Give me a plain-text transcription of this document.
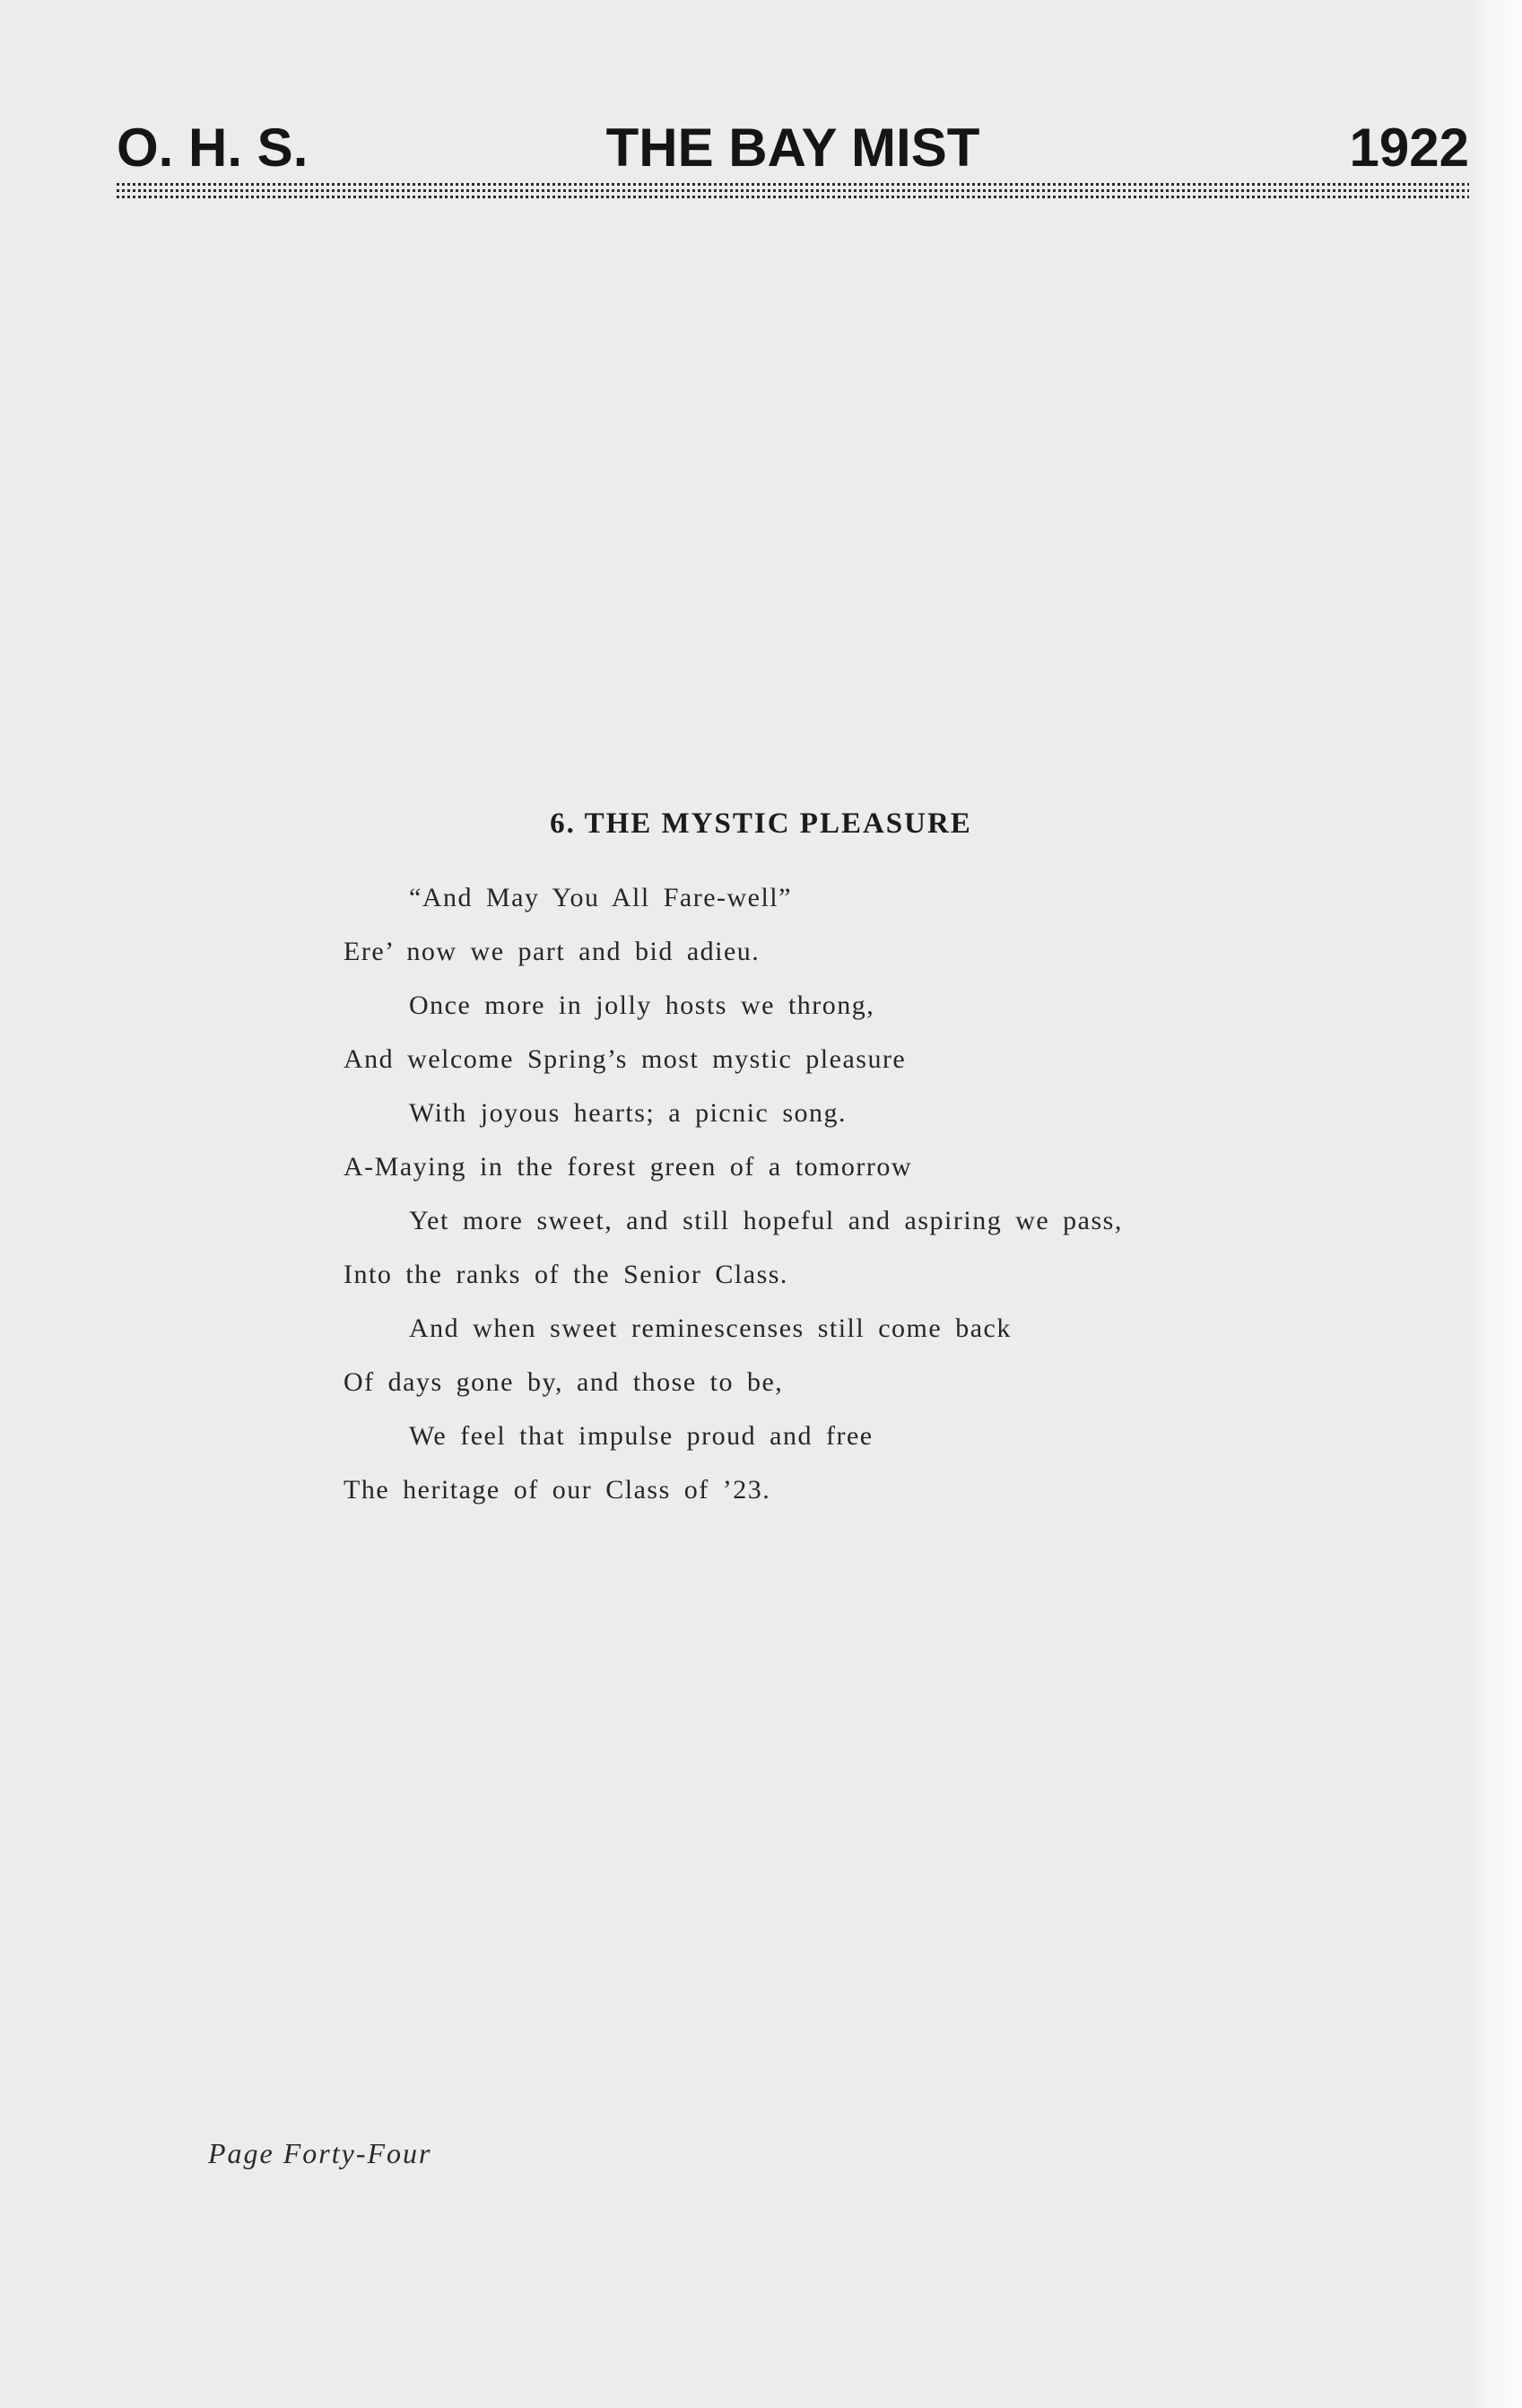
O. H. S.	THE BAY MIST	1922
6. THE MYSTIC PLEASURE
“And May You All Fare-well”
Ere’ now we part and bid adieu.
Once more in jolly hosts we throng,
And welcome Spring’s most mystic pleasure
With joyous hearts; a picnic song.
A-Maying in the forest green of a tomorrow
Yet more sweet, and still hopeful and aspiring we pass,
Into the ranks of the Senior Class.
And when sweet reminescenses still come back
Of days gone by, and those to be,
We feel that impulse proud and free
The heritage of our Class of ’23.
Page Forty-Four
